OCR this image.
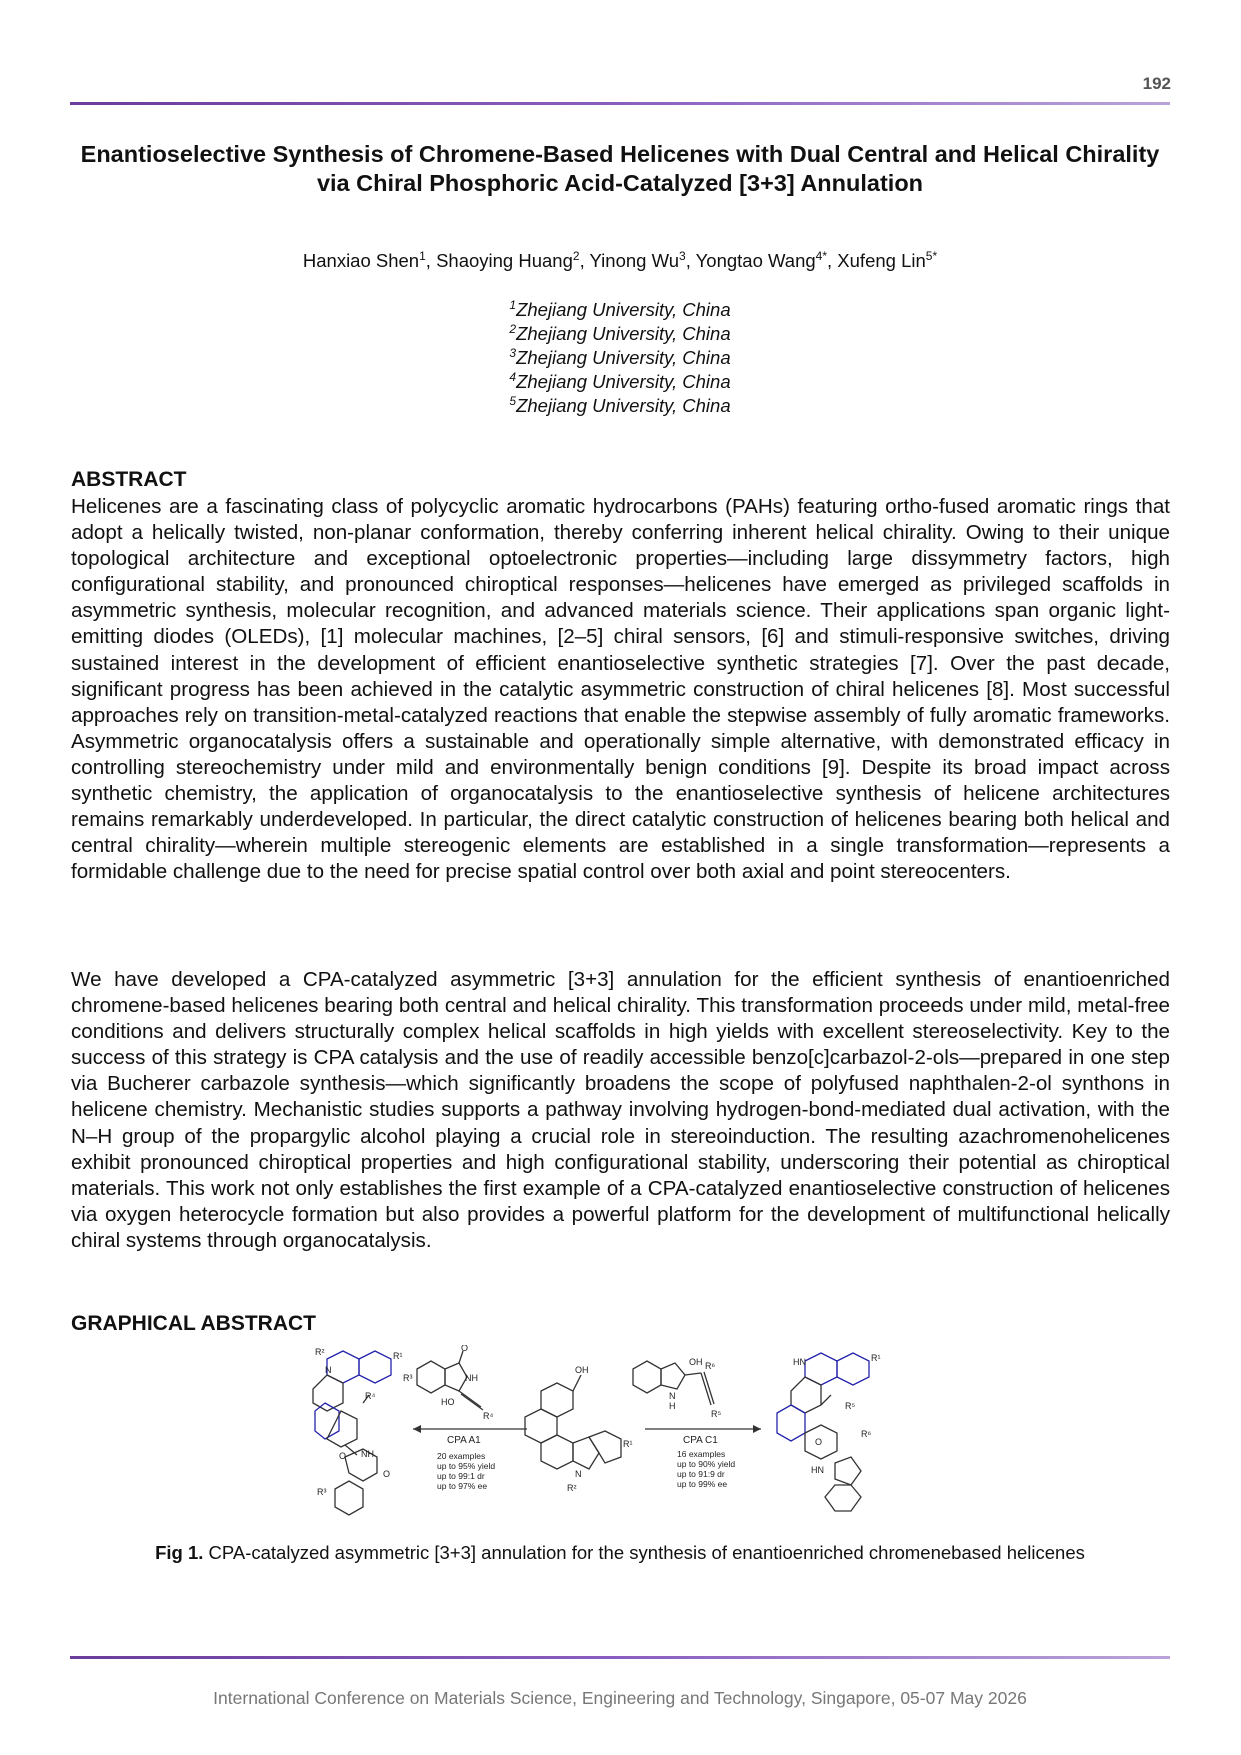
192
Enantioselective Synthesis of Chromene-Based Helicenes with Dual Central and Helical Chirality via Chiral Phosphoric Acid-Catalyzed [3+3] Annulation
Hanxiao Shen$^1$, Shaoying Huang$^2$, Yinong Wu$^3$, Yongtao Wang$^{4*}$, Xufeng Lin$^{5*}$
$^1$Zhejiang University, China
$^2$Zhejiang University, China
$^3$Zhejiang University, China
$^4$Zhejiang University, China
$^5$Zhejiang University, China
ABSTRACT
Helicenes are a fascinating class of polycyclic aromatic hydrocarbons (PAHs) featuring ortho-fused aromatic rings that adopt a helically twisted, non-planar conformation, thereby conferring inherent helical chirality. Owing to their unique topological architecture and exceptional optoelectronic properties—including large dissymmetry factors, high configurational stability, and pronounced chiroptical responses—helicenes have emerged as privileged scaffolds in asymmetric synthesis, molecular recognition, and advanced materials science. Their applications span organic light-emitting diodes (OLEDs), [1] molecular machines, [2–5] chiral sensors, [6] and stimuli-responsive switches, driving sustained interest in the development of efficient enantioselective synthetic strategies [7]. Over the past decade, significant progress has been achieved in the catalytic asymmetric construction of chiral helicenes [8]. Most successful approaches rely on transition-metal-catalyzed reactions that enable the stepwise assembly of fully aromatic frameworks. Asymmetric organocatalysis offers a sustainable and operationally simple alternative, with demonstrated efficacy in controlling stereochemistry under mild and environmentally benign conditions [9]. Despite its broad impact across synthetic chemistry, the application of organocatalysis to the enantioselective synthesis of helicene architectures remains remarkably underdeveloped. In particular, the direct catalytic construction of helicenes bearing both helical and central chirality—wherein multiple stereogenic elements are established in a single transformation—represents a formidable challenge due to the need for precise spatial control over both axial and point stereocenters.
We have developed a CPA-catalyzed asymmetric [3+3] annulation for the efficient synthesis of enantioenriched chromene-based helicenes bearing both central and helical chirality. This transformation proceeds under mild, metal-free conditions and delivers structurally complex helical scaffolds in high yields with excellent stereoselectivity. Key to the success of this strategy is CPA catalysis and the use of readily accessible benzo[c]carbazol-2-ols—prepared in one step via Bucherer carbazole synthesis—which significantly broadens the scope of polyfused naphthalen-2-ol synthons in helicene chemistry. Mechanistic studies supports a pathway involving hydrogen-bond-mediated dual activation, with the N–H group of the propargylic alcohol playing a crucial role in stereoinduction. The resulting azachromenohelicenes exhibit pronounced chiroptical properties and high configurational stability, underscoring their potential as chiroptical materials. This work not only establishes the first example of a CPA-catalyzed enantioselective construction of helicenes via oxygen heterocycle formation but also provides a powerful platform for the development of multifunctional helically chiral systems through organocatalysis.
GRAPHICAL ABSTRACT
R²
N
R¹
R⁴
O NH
O
R³
O
NH
R³
HO
R⁴
CPA A1
20 examples
up to 95% yield
up to 99:1 dr
up to 97% ee
OH
N
R²
R¹
OH R⁶
N
H
R⁵
CPA C1
16 examples
up to 90% yield
up to 91:9 dr
up to 99% ee
HN	R¹
R⁵
R⁶
O
HN
Fig 1. CPA-catalyzed asymmetric [3+3] annulation for the synthesis of enantioenriched chromenebased helicenes
International Conference on Materials Science, Engineering and Technology, Singapore, 05-07 May 2026
